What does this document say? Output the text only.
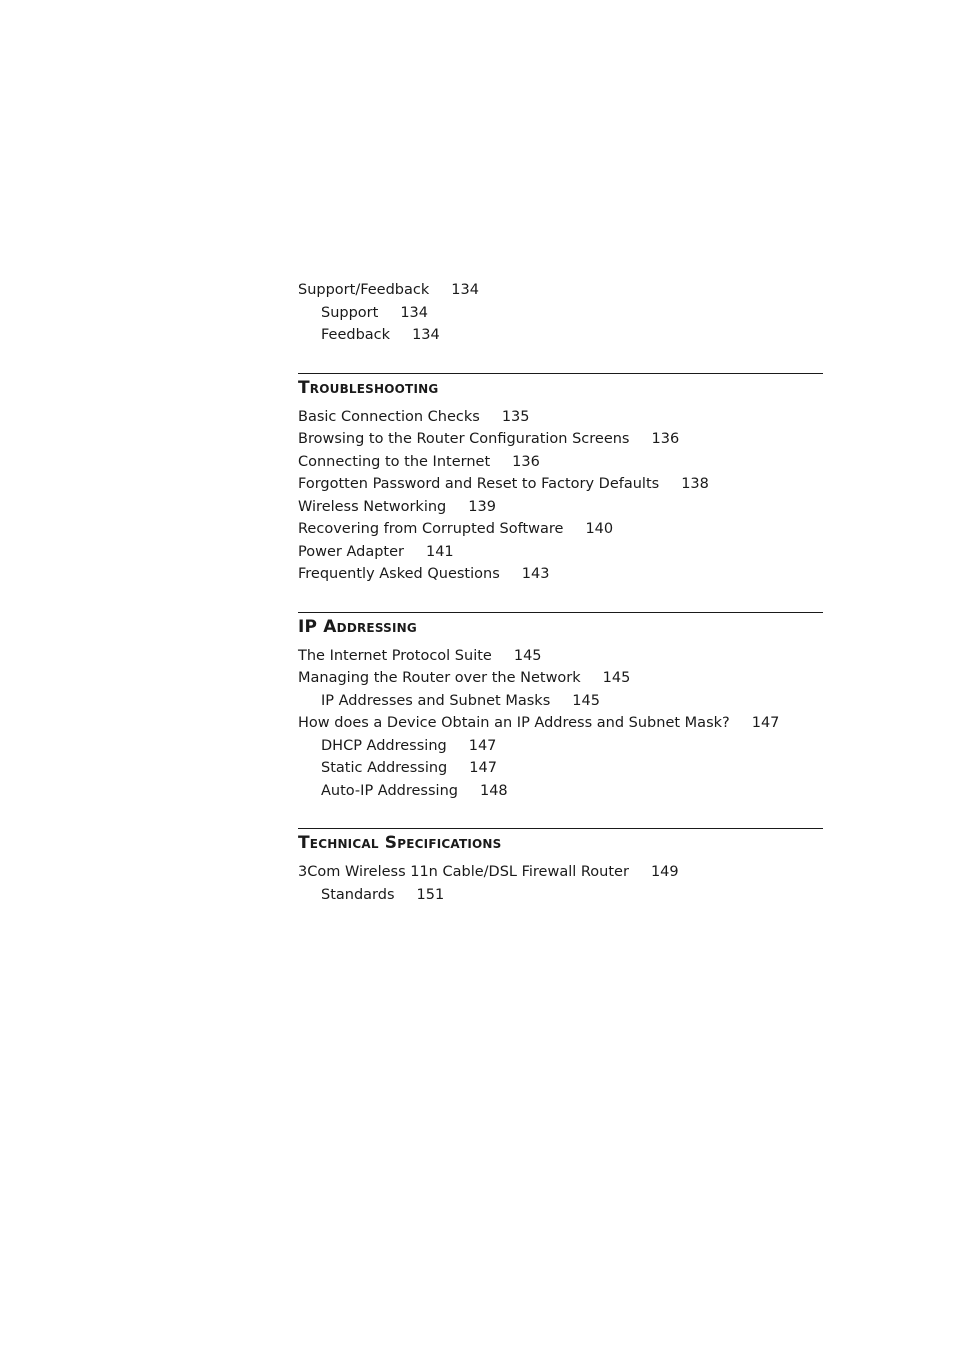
Support/Feedback 134
Support 134
Feedback 134
Troubleshooting
Basic Connection Checks 135
Browsing to the Router Configuration Screens 136
Connecting to the Internet 136
Forgotten Password and Reset to Factory Defaults 138
Wireless Networking 139
Recovering from Corrupted Software 140
Power Adapter 141
Frequently Asked Questions 143
IP Addressing
The Internet Protocol Suite 145
Managing the Router over the Network 145
IP Addresses and Subnet Masks 145
How does a Device Obtain an IP Address and Subnet Mask? 147
DHCP Addressing 147
Static Addressing 147
Auto-IP Addressing 148
Technical Specifications
3Com Wireless 11n Cable/DSL Firewall Router 149
Standards 151
